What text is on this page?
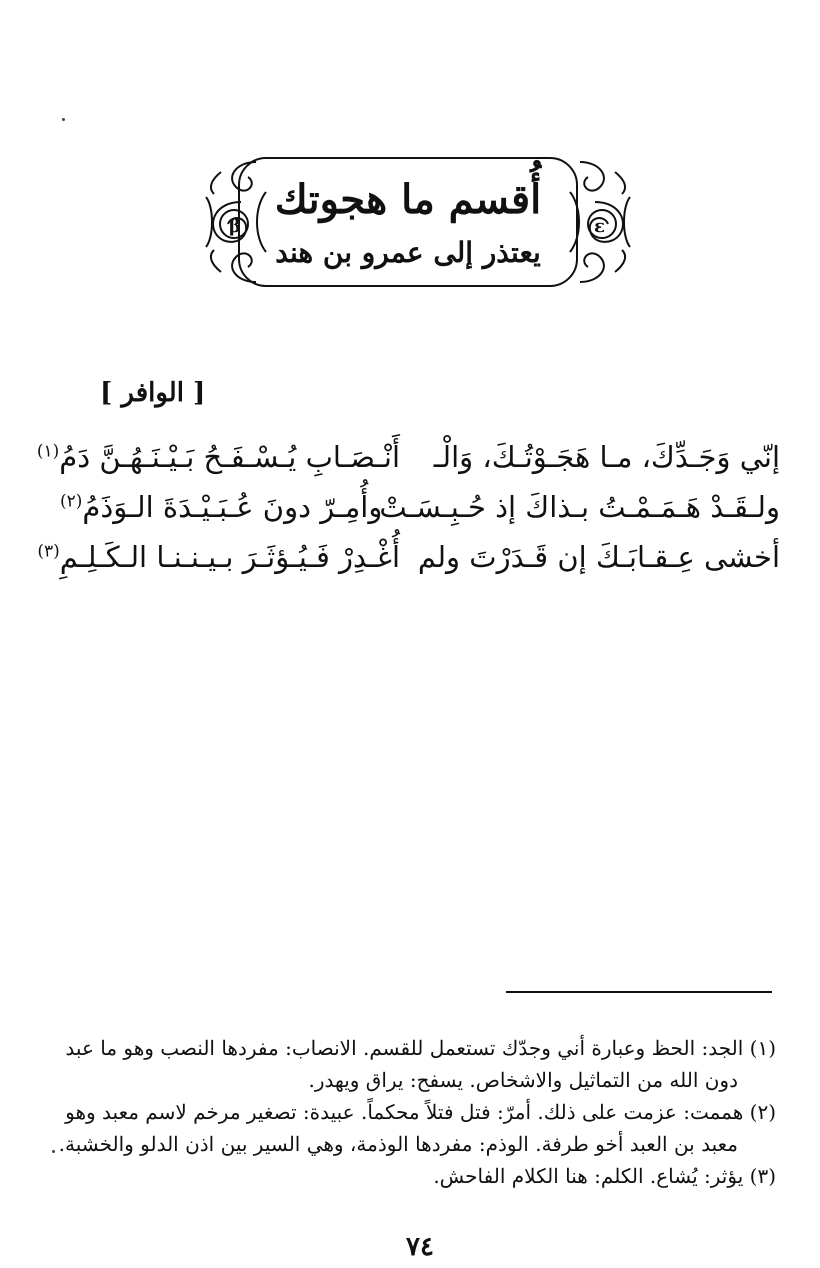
β	ε
أُقسم ما هجوتك
يعتذر إلى عمرو بن هند
[ الوافر ]
إنّي وَجَـدِّكَ، مـا هَجَـوْتُـكَ، وَالْـ
أَنْـصَـابِ يُـسْـفَـحُ بَـيْـنَـهُـنَّ دَمُ$^{(١)}$
ولـقَـدْ هَـمَـمْـتُ بـذاكَ إذ حُـبِـسَـتْ
وأُمِـرّ دونَ عُـبَـيْـدَةَ الـوَذَمُ$^{(٢)}$
أخشى عِـقـابَـكَ إن قَـدَرْتَ ولم
أُغْـدِرْ فَـيُـؤثَـرَ بـيـنـنـا الـكَـلِـمِ$^{(٣)}$

(١) الجد: الحظ وعبارة أني وجدّك تستعمل للقسم. الانصاب: مفردها النصب وهو ما عبد

دون الله من التماثيل والاشخاص. يسفح: يراق ويهدر.

(٢) هممت: عزمت على ذلك. أمرّ: فتل فتلاً محكماً. عبيدة: تصغير مرخم لاسم معبد وهو

معبد بن العبد أخو طرفة. الوذم: مفردها الوذمة، وهي السير بين اذن الدلو والخشبة.

(٣) يؤثر: يُشاع. الكلم: هنا الكلام الفاحش.

٧٤
